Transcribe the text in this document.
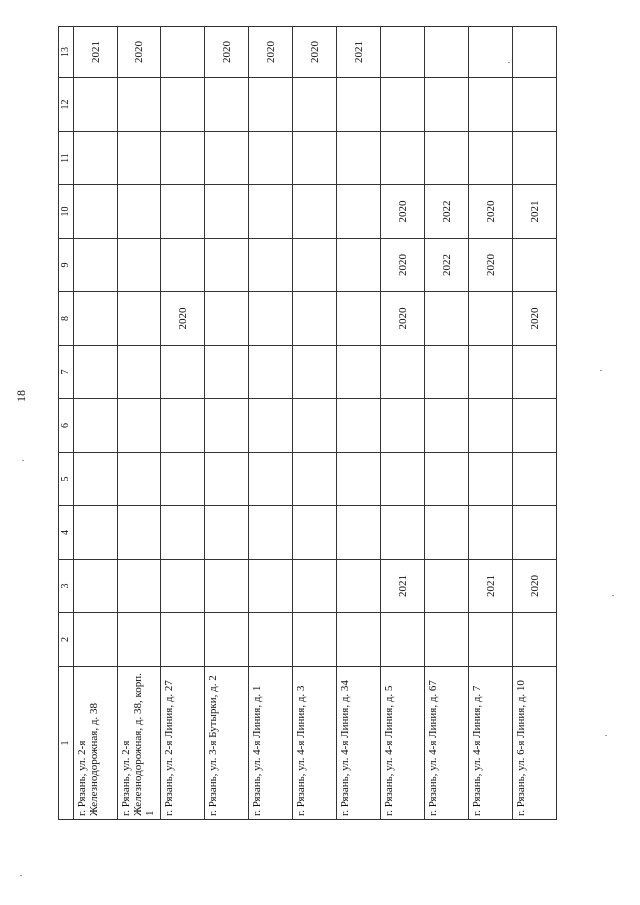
18
1	2	3	4	5	6	7	8	9	10	11	12	13
г. Рязань, ул. 2-я Железнодорожная, д. 38												2021
г. Рязань, ул. 2-я Железнодорожная, д. 38, корп. 1												2020
г. Рязань, ул. 2-я Линия, д. 27							2020					
г. Рязань, ул. 3-я Бутырки, д. 2												2020
г. Рязань, ул. 4-я Линия, д. 1												2020
г. Рязань, ул. 4-я Линия, д. 3												2020
г. Рязань, ул. 4-я Линия, д. 34												2021
г. Рязань, ул. 4-я Линия, д. 5		2021					2020	2020	2020			
г. Рязань, ул. 4-я Линия, д. 67								2022	2022			
г. Рязань, ул. 4-я Линия, д. 7		2021						2020	2020			
г. Рязань, ул. 6-я Линия, д. 10		2020					2020		2021			
